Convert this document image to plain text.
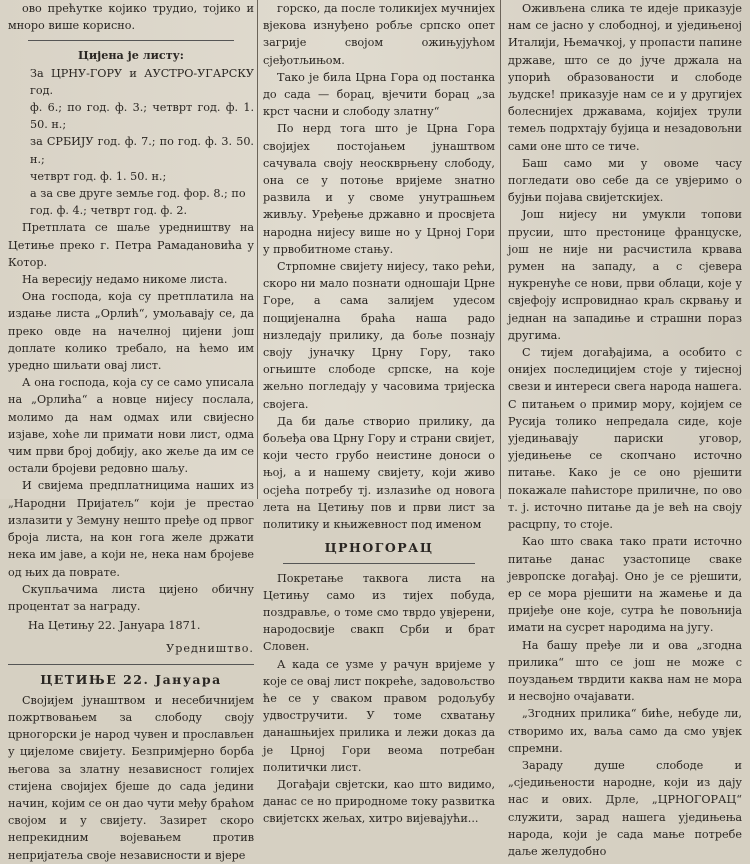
ово прећутке којико трудио, тојико и мноро више корисно.

Цијена је листу:

За ЦРНУ-ГОРУ и АУСТРО-УГАРСКУ год.

ф. 6.; по год. ф. 3.; четврт год. ф. 1. 50. н.;

за СРБИЈУ год. ф. 7.; по год. ф. 3. 50. н.;

четврт год. ф. 1. 50. н.;

а за све друге земље год. фор. 8.; по

год. ф. 4.; четврт год. ф. 2.

Претплата се шаље уредништву на Цетиње преко г. Петра Рамадановића у Котор.

На вересију недамо никоме листа.

Она господа, која су претплатила на издање листа „Орлић“, умољавају се, да преко овде на начелној цијени још доплате колико требало, на ћемо им уредно шиљати овај лист.

А она господа, која су се само уписала на „Орлића“ а новце нијесу послала, молимо да нам одмах или свијесно изјаве, хоће ли примати нови лист, одма чим први број добију, ако жеље да им се остали бројеви редовно шаљу.

И свијема предплатницима наших из „Народни Пријатељ“ који је престао излазити у Земуну нешто пређе од првог броја листа, на кон гога желе држати нека им јаве, а који не, нека нам бројеве од њих да поврате.

Скупљачима листа цијено обичну процентат за награду.

На Цетињу 22. Јануара 1871.

Уредништво.

ЦЕТИЊЕ 22. Јануара

Својијем јунаштвом и несебичнијем пожртвовањем за слободу своју црногорски је народ чувен и прослављен у цијеломе свијету. Безпримјерно борба његова за златну независност голијех стијена својијех бјеше до сада једини начин, којим се он дао чути међу браћом својом и у свијету. Зазирет скоро непрекидним војевањем против непријатеља своје независности и вјере

горско, да после толикијех мучнијех вјекова изнуђено робље српско опет загрије својом ожињујућом сјеђотљињом.

Тако је била Црна Гора од постанка до сада — борац, вјечити борац „за крст часни и слободу златну“

По нерд тога што је Црна Гора својијех постојањем јунаштвом сачувала своју неоскврњену слободу, она се у потоње вријеме знатно развила и у своме унутрашњем живљу. Уређење државно и просвјета народна нијесу више но у Црној Гори у првобитноме стању.

Стрпомне свијету нијесу, тако рећи, скоро ни мало познати одношаји Црне Горе, а сама залијем удесом пощијенална браћа наша радо низледају прилику, да боље познају своју јуначку Црну Гору, тако огњиште слободе српске, на које жељно погледају у часовима тријеска својега.

Да би даље створио прилику, да бољеђа ова Црну Гору и страни свијет, који често грубо неистине доноси о њој, а и нашему свијету, који живо осјећа потребу тј. излазиће од новога лета на Цетињу пов и први лист за политику и књижевност под именом

ЦРНОГОРАЦ

Покретање таквога листа на Цетињу само из тијех побуда, поздравље, о томе смо тврдо увјерени, народосвије свакп Срби и брат Словен.

А када се узме у рачун вријеме у које се овај лист покреће, задовољство ће се у сваком правом родољубу удвостручити. У томе схватању данашњијех прилика и лежи доказ да је Црној Гори веома потребан политички лист.

Догађаји свјетски, као што видимо, данас се но природноме току развитка свијетскх жељах, хитро вијевајући...

Оживљена слика те идеје приказује нам се јасно у слободној, и уједињеној Италији, Њемачкој, у пропасти папине државе, што се до јуче држала на упорић образованости и слободе људске! приказује нам се и у другијех болеснијех државама, којијех трули темељ подрхтају бујица и незадовољни сами оне што се тиче.

Баш само ми у овоме часу погледати ово себе да се увјеримо о бујњи појава свијетскијех.

Још нијесу ни умукли топови прусии, што престонице француске, још не није ни расчистила крвава румен на западу, а с сјевера нукренуће се нови, први облаци, које у свјефоју испровиднао краљ скрвању и једнан на западиње и страшни пораз другима.

С тијем догађајима, а особито с онијех последицијем стоје у тијесној свези и интереси свега народа нашега. С питањем о примир мору, којијем се Русија толико непредала сиде, које уједињавају париски уговор, уједињење се скопчано источно питање. Како је се оно рјешити покажале паћисторе приличне, по ово т. ј. источно питање да је већ на своју расцрпу, то стоје.

Као што свака тако прати источно питање данас узастопице сваке јевропске догађај. Оно је се рјешити, ер се мора рјешити на жамење и да пријеђе оне које, сутра ће повољнија имати на сусрет народима на југу.

На башу пређе ли и ова „згодна прилика“ што се још не може с поуздањем тврдити каква нам не мора и несвојно очајавати.

„Згодних прилика“ биће, небуде ли, створимо их, ваља само да смо увјек спремни.

Зараду душе слободе и „сједињености народне, који из дају нас и ових. Дрле, „ЦРНОГОРАЦ“ служити, зарад нашега уједињења народа, који је сада мање потребе даље желудобно
